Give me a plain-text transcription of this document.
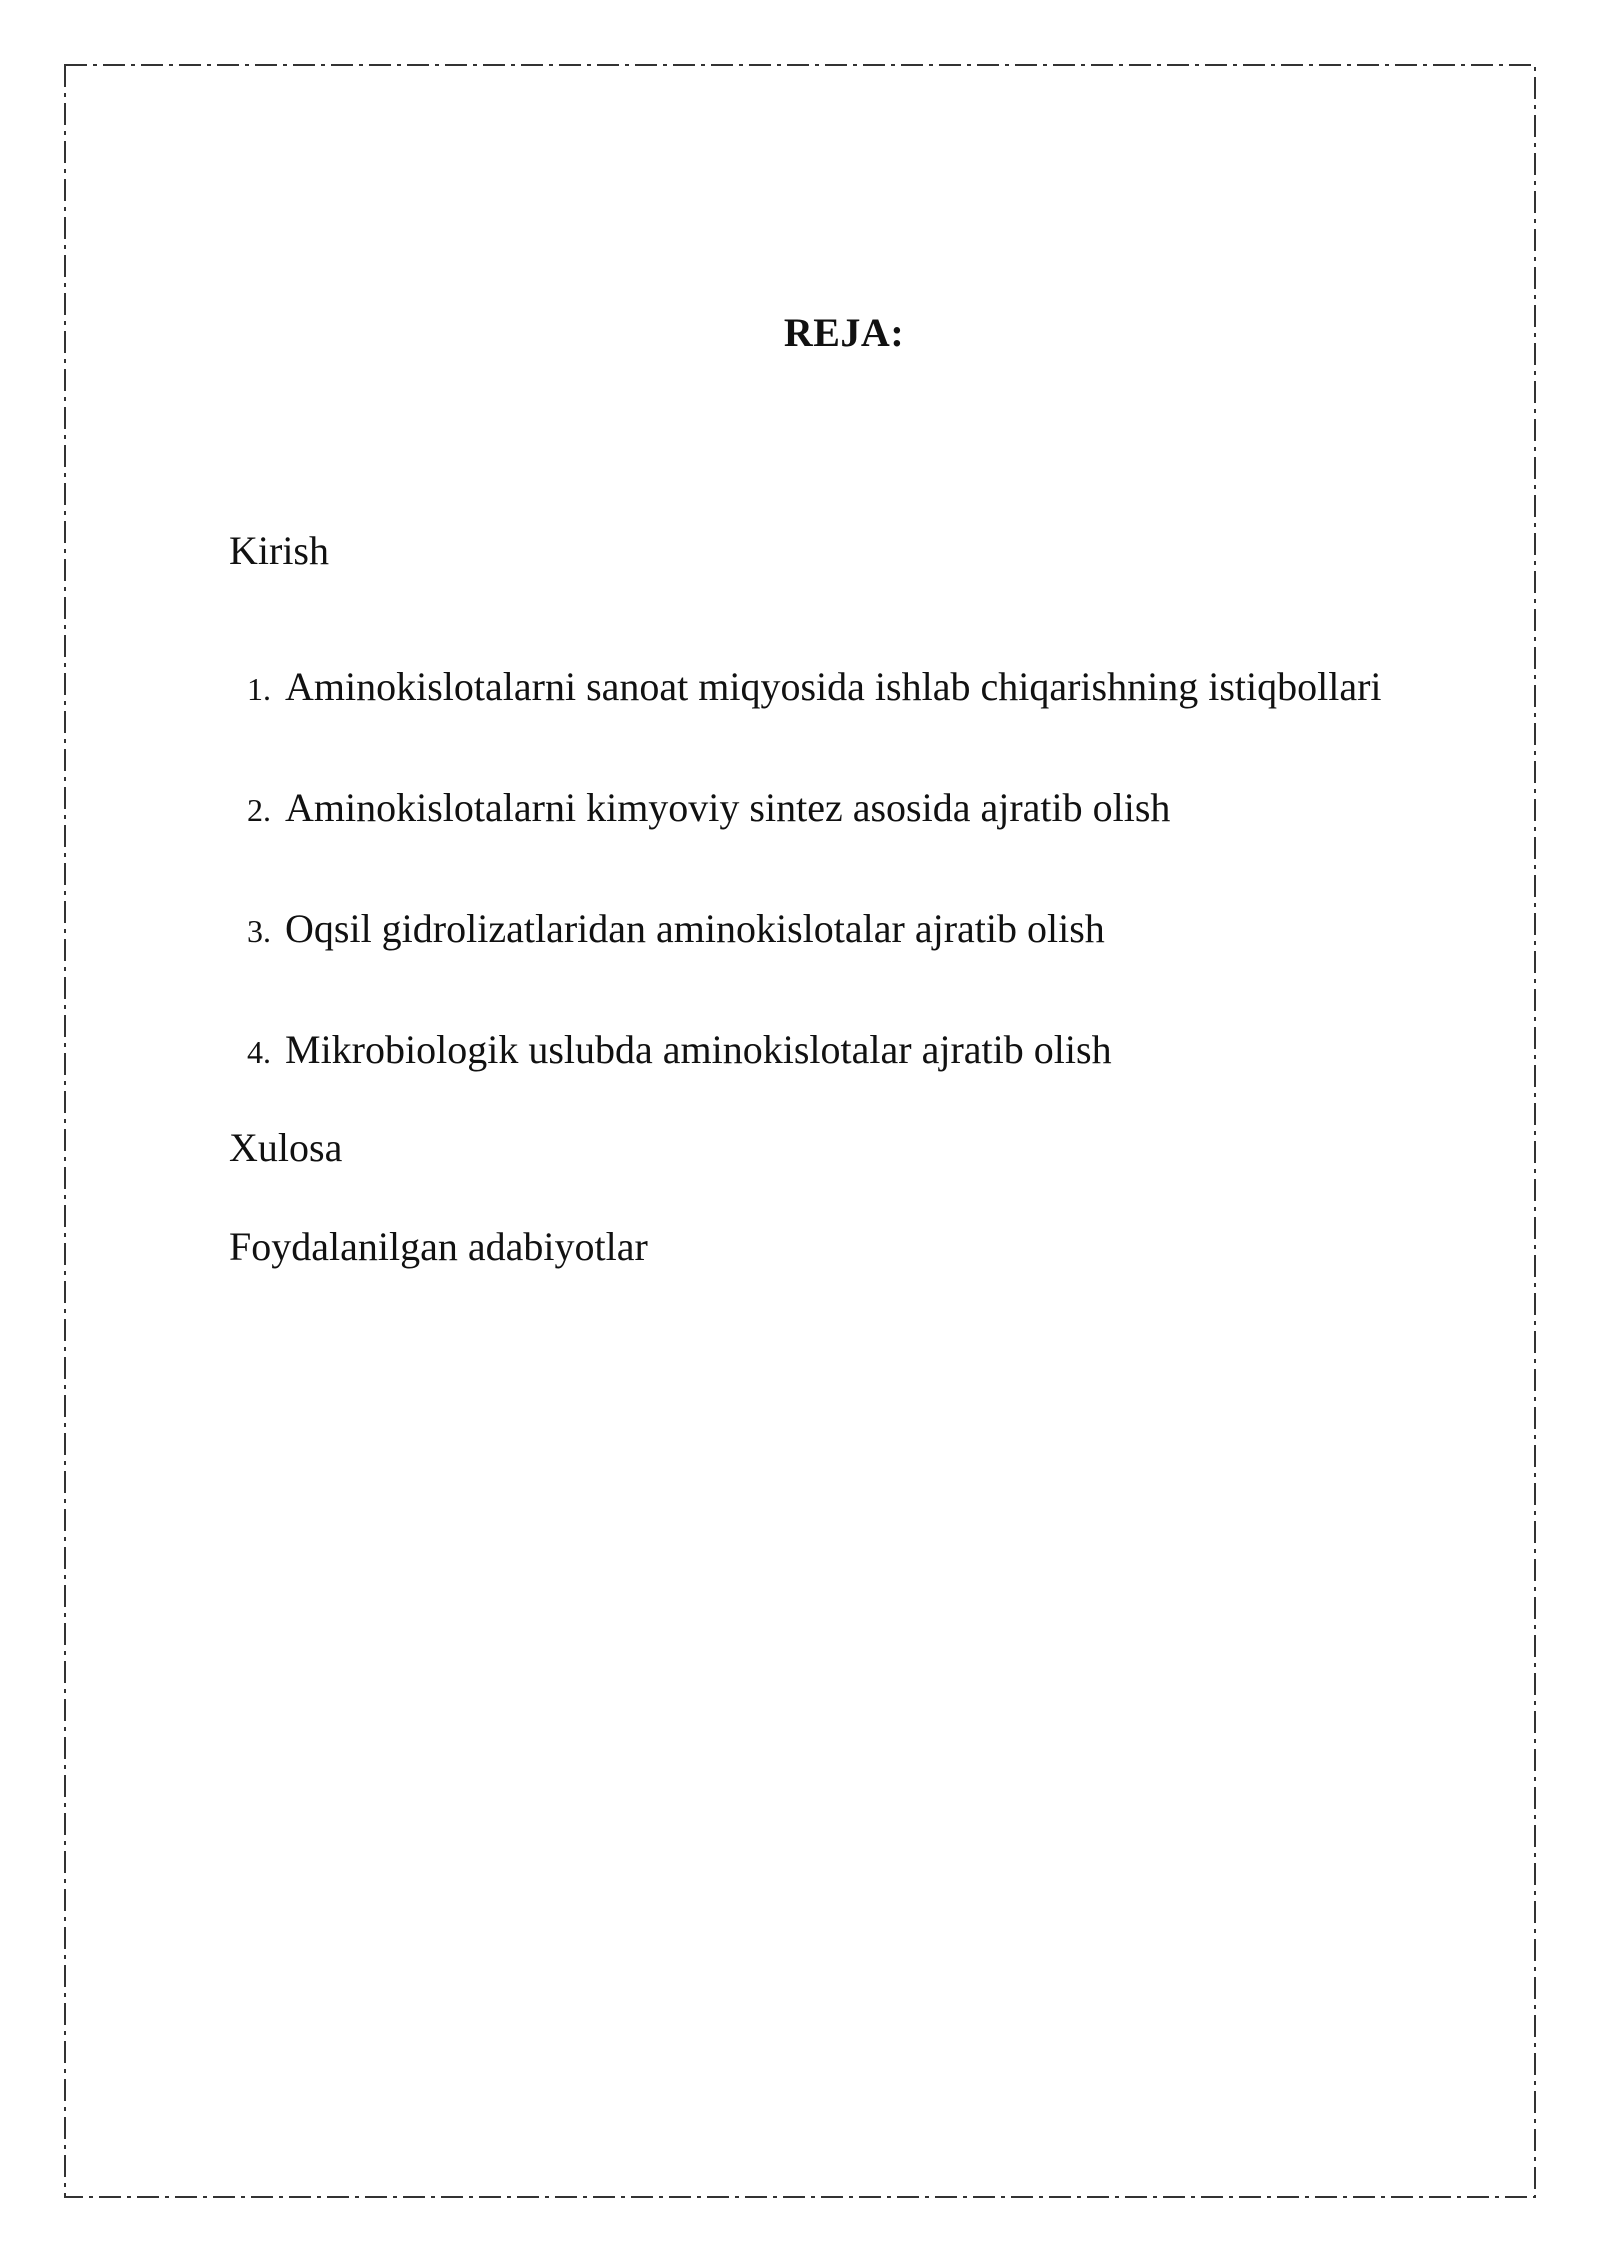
REJA:
Kirish
1. Aminokislotalarni sanoat miqyosida ishlab chiqarishning istiqbollari
2. Aminokislotalarni kimyoviy sintez asosida ajratib olish
3. Oqsil gidrolizatlaridan aminokislotalar ajratib olish
4. Mikrobiologik uslubda aminokislotalar ajratib olish
Xulosa
Foydalanilgan adabiyotlar
